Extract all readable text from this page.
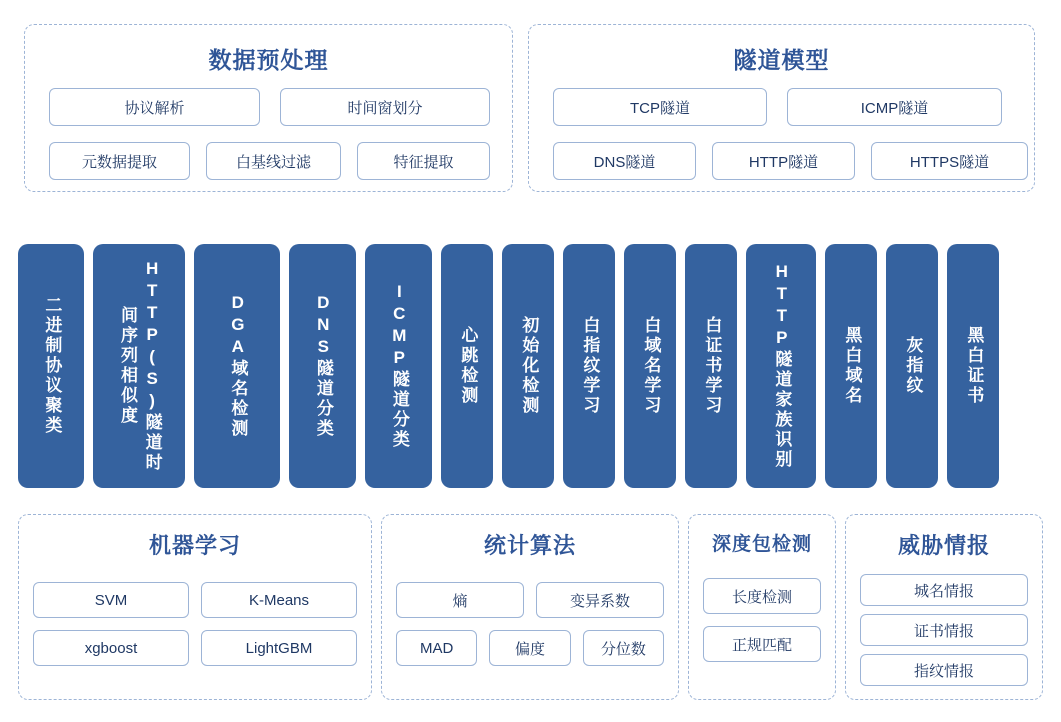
数据预处理
协议解析	时间窗划分
元数据提取	白基线过滤	特征提取
隧道模型
TCP隧道	ICMP隧道
DNS隧道	HTTP隧道	HTTPS隧道
二进制协议聚类	HTTP(S)隧道时间序列相似度	DGA域名检测	DNS隧道分类	ICMP隧道分类	心跳检测 初始化检测 白指纹学习 白域名学习 白证书学习	HTTP隧道家族识别	黑白域名 灰指纹 黑白证书
机器学习
SVM	K-Means
xgboost	LightGBM
统计算法
熵	变异系数
MAD	偏度	分位数
深度包检测
长度检测
正规匹配
威胁情报
城名情报
证书情报
指纹情报
